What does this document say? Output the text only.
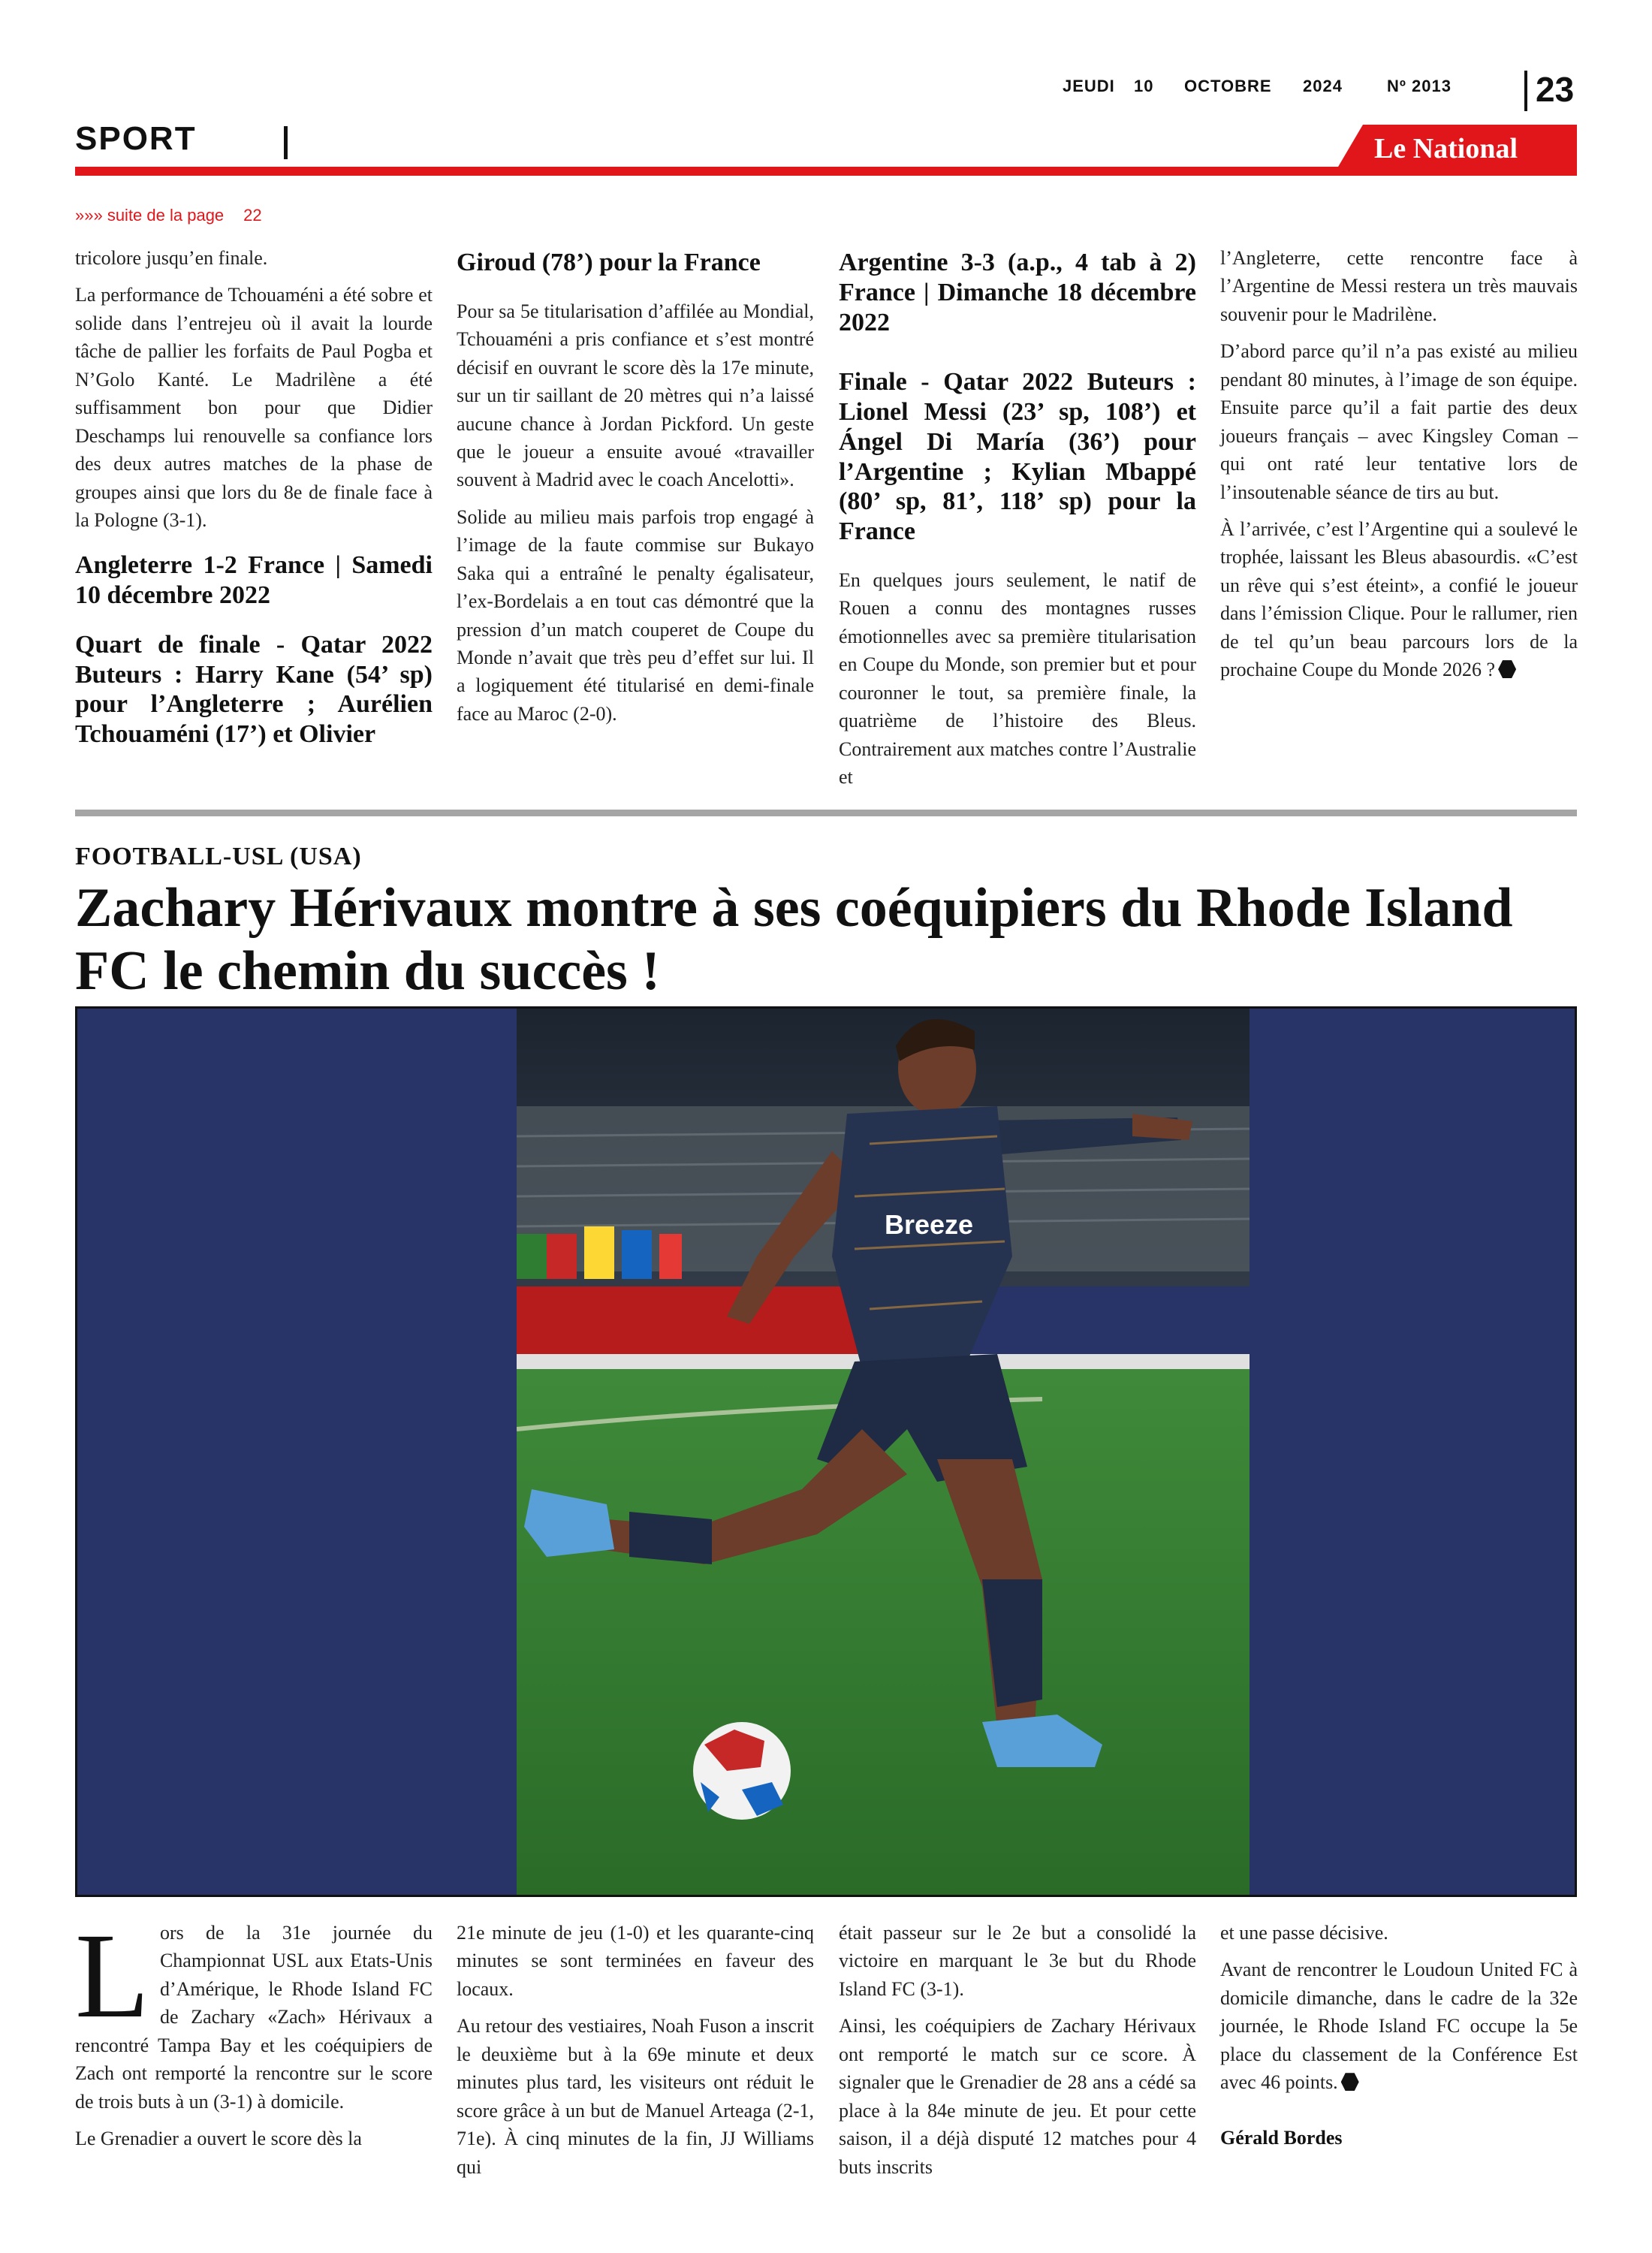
JEUDI 10 OCTOBRE 2024	Nº 2013 23
SPORT	Le National
»»» suite de la page 22

tricolore jusqu’en finale.

La performance de Tchouaméni a été sobre et solide dans l’entrejeu où il avait la lourde tâche de pallier les forfaits de Paul Pogba et N’Golo Kanté. Le Madrilène a été suffisamment bon pour que Didier Deschamps lui renouvelle sa confiance lors des deux autres matches de la phase de groupes ainsi que lors du 8e de finale face à la Pologne (3-1).

Angleterre 1-2 France | Samedi 10 décembre 2022
Quart de finale - Qatar 2022 Buteurs : Harry Kane (54’ sp) pour l’Angleterre ; Aurélien Tchouaméni (17’) et Olivier
Giroud (78’) pour la France

Pour sa 5e titularisation d’affilée au Mondial, Tchouaméni a pris confiance et s’est montré décisif en ouvrant le score dès la 17e minute, sur un tir saillant de 20 mètres qui n’a laissé aucune chance à Jordan Pickford. Un geste que le joueur a ensuite avoué «travailler souvent à Madrid avec le coach Ancelotti».

Solide au milieu mais parfois trop engagé à l’image de la faute commise sur Bukayo Saka qui a entraîné le penalty égalisateur, l’ex-Bordelais a en tout cas démontré que la pression d’un match couperet de Coupe du Monde n’avait que très peu d’effet sur lui. Il a logiquement été titularisé en demi-finale face au Maroc (2-0).

Argentine 3-3 (a.p., 4 tab à 2) France | Dimanche 18 décembre 2022
Finale - Qatar 2022 Buteurs : Lionel Messi (23’ sp, 108’) et Ángel Di María (36’) pour l’Argentine ; Kylian Mbappé (80’ sp, 81’, 118’ sp) pour la France

En quelques jours seulement, le natif de Rouen a connu des montagnes russes émotionnelles avec sa première titularisation en Coupe du Monde, son premier but et pour couronner le tout, sa première finale, la quatrième de l’histoire des Bleus. Contrairement aux matches contre l’Australie et

l’Angleterre, cette rencontre face à l’Argentine de Messi restera un très mauvais souvenir pour le Madrilène.

D’abord parce qu’il n’a pas existé au milieu pendant 80 minutes, à l’image de son équipe. Ensuite parce qu’il a fait partie des deux joueurs français – avec Kingsley Coman – qui ont raté leur tentative lors de l’insoutenable séance de tirs au but.

À l’arrivée, c’est l’Argentine qui a soulevé le trophée, laissant les Bleus abasourdis. «C’est un rêve qui s’est éteint», a confié le joueur dans l’émission Clique. Pour le rallumer, rien de tel qu’un beau parcours lors de la prochaine Coupe du Monde 2026 ?

FOOTBALL-USL (USA)
Zachary Hérivaux montre à ses coéquipiers du Rhode Island FC le chemin du succès !
Breeze

Lors de la 31e journée du Championnat USL aux Etats-Unis d’Amérique, le Rhode Island FC de Zachary «Zach» Hérivaux a rencontré Tampa Bay et les coéquipiers de Zach ont remporté la rencontre sur le score de trois buts à un (3-1) à domicile.

Le Grenadier a ouvert le score dès la

21e minute de jeu (1-0) et les quarante-cinq minutes se sont terminées en faveur des locaux.

Au retour des vestiaires, Noah Fuson a inscrit le deuxième but à la 69e minute et deux minutes plus tard, les visiteurs ont réduit le score grâce à un but de Manuel Arteaga (2-1, 71e). À cinq minutes de la fin, JJ Williams qui

était passeur sur le 2e but a consolidé la victoire en marquant le 3e but du Rhode Island FC (3-1).

Ainsi, les coéquipiers de Zachary Hérivaux ont remporté le match sur ce score. À signaler que le Grenadier de 28 ans a cédé sa place à la 84e minute de jeu. Et pour cette saison, il a déjà disputé 12 matches pour 4 buts inscrits

et une passe décisive.

Avant de rencontrer le Loudoun United FC à domicile dimanche, dans le cadre de la 32e journée, le Rhode Island FC occupe la 5e place du classement de la Conférence Est avec 46 points.

Gérald Bordes
